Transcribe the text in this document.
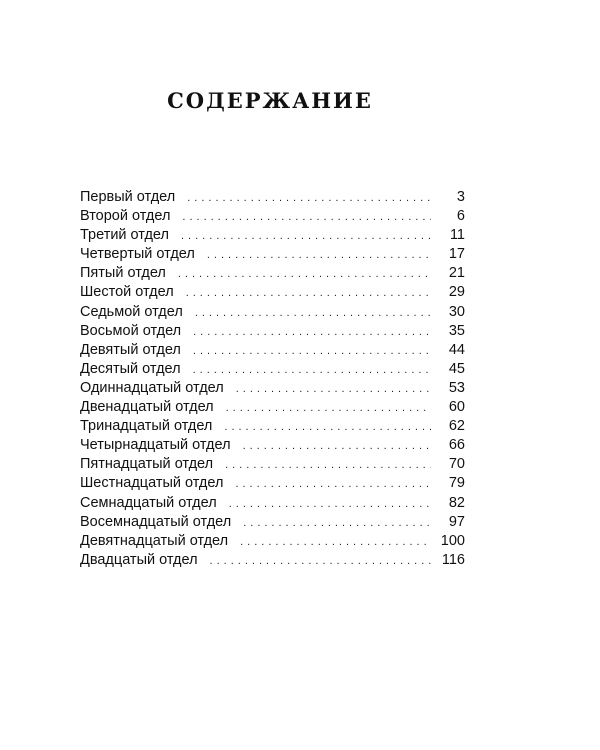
СОДЕРЖАНИЕ
Первый отдел .....	3
Второй отдел .....	6
Третий отдел .....	11
Четвертый отдел .....	17
Пятый отдел .....	21
Шестой отдел .....	29
Седьмой отдел .....	30
Восьмой отдел .....	35
Девятый отдел .....	44
Десятый отдел .....	45
Одиннадцатый отдел .....	53
Двенадцатый отдел .....	60
Тринадцатый отдел .....	62
Четырнадцатый отдел .....	66
Пятнадцатый отдел .....	70
Шестнадцатый отдел .....	79
Семнадцатый отдел .....	82
Восемнадцатый отдел .....	97
Девятнадцатый отдел .....	100
Двадцатый отдел .....	116
